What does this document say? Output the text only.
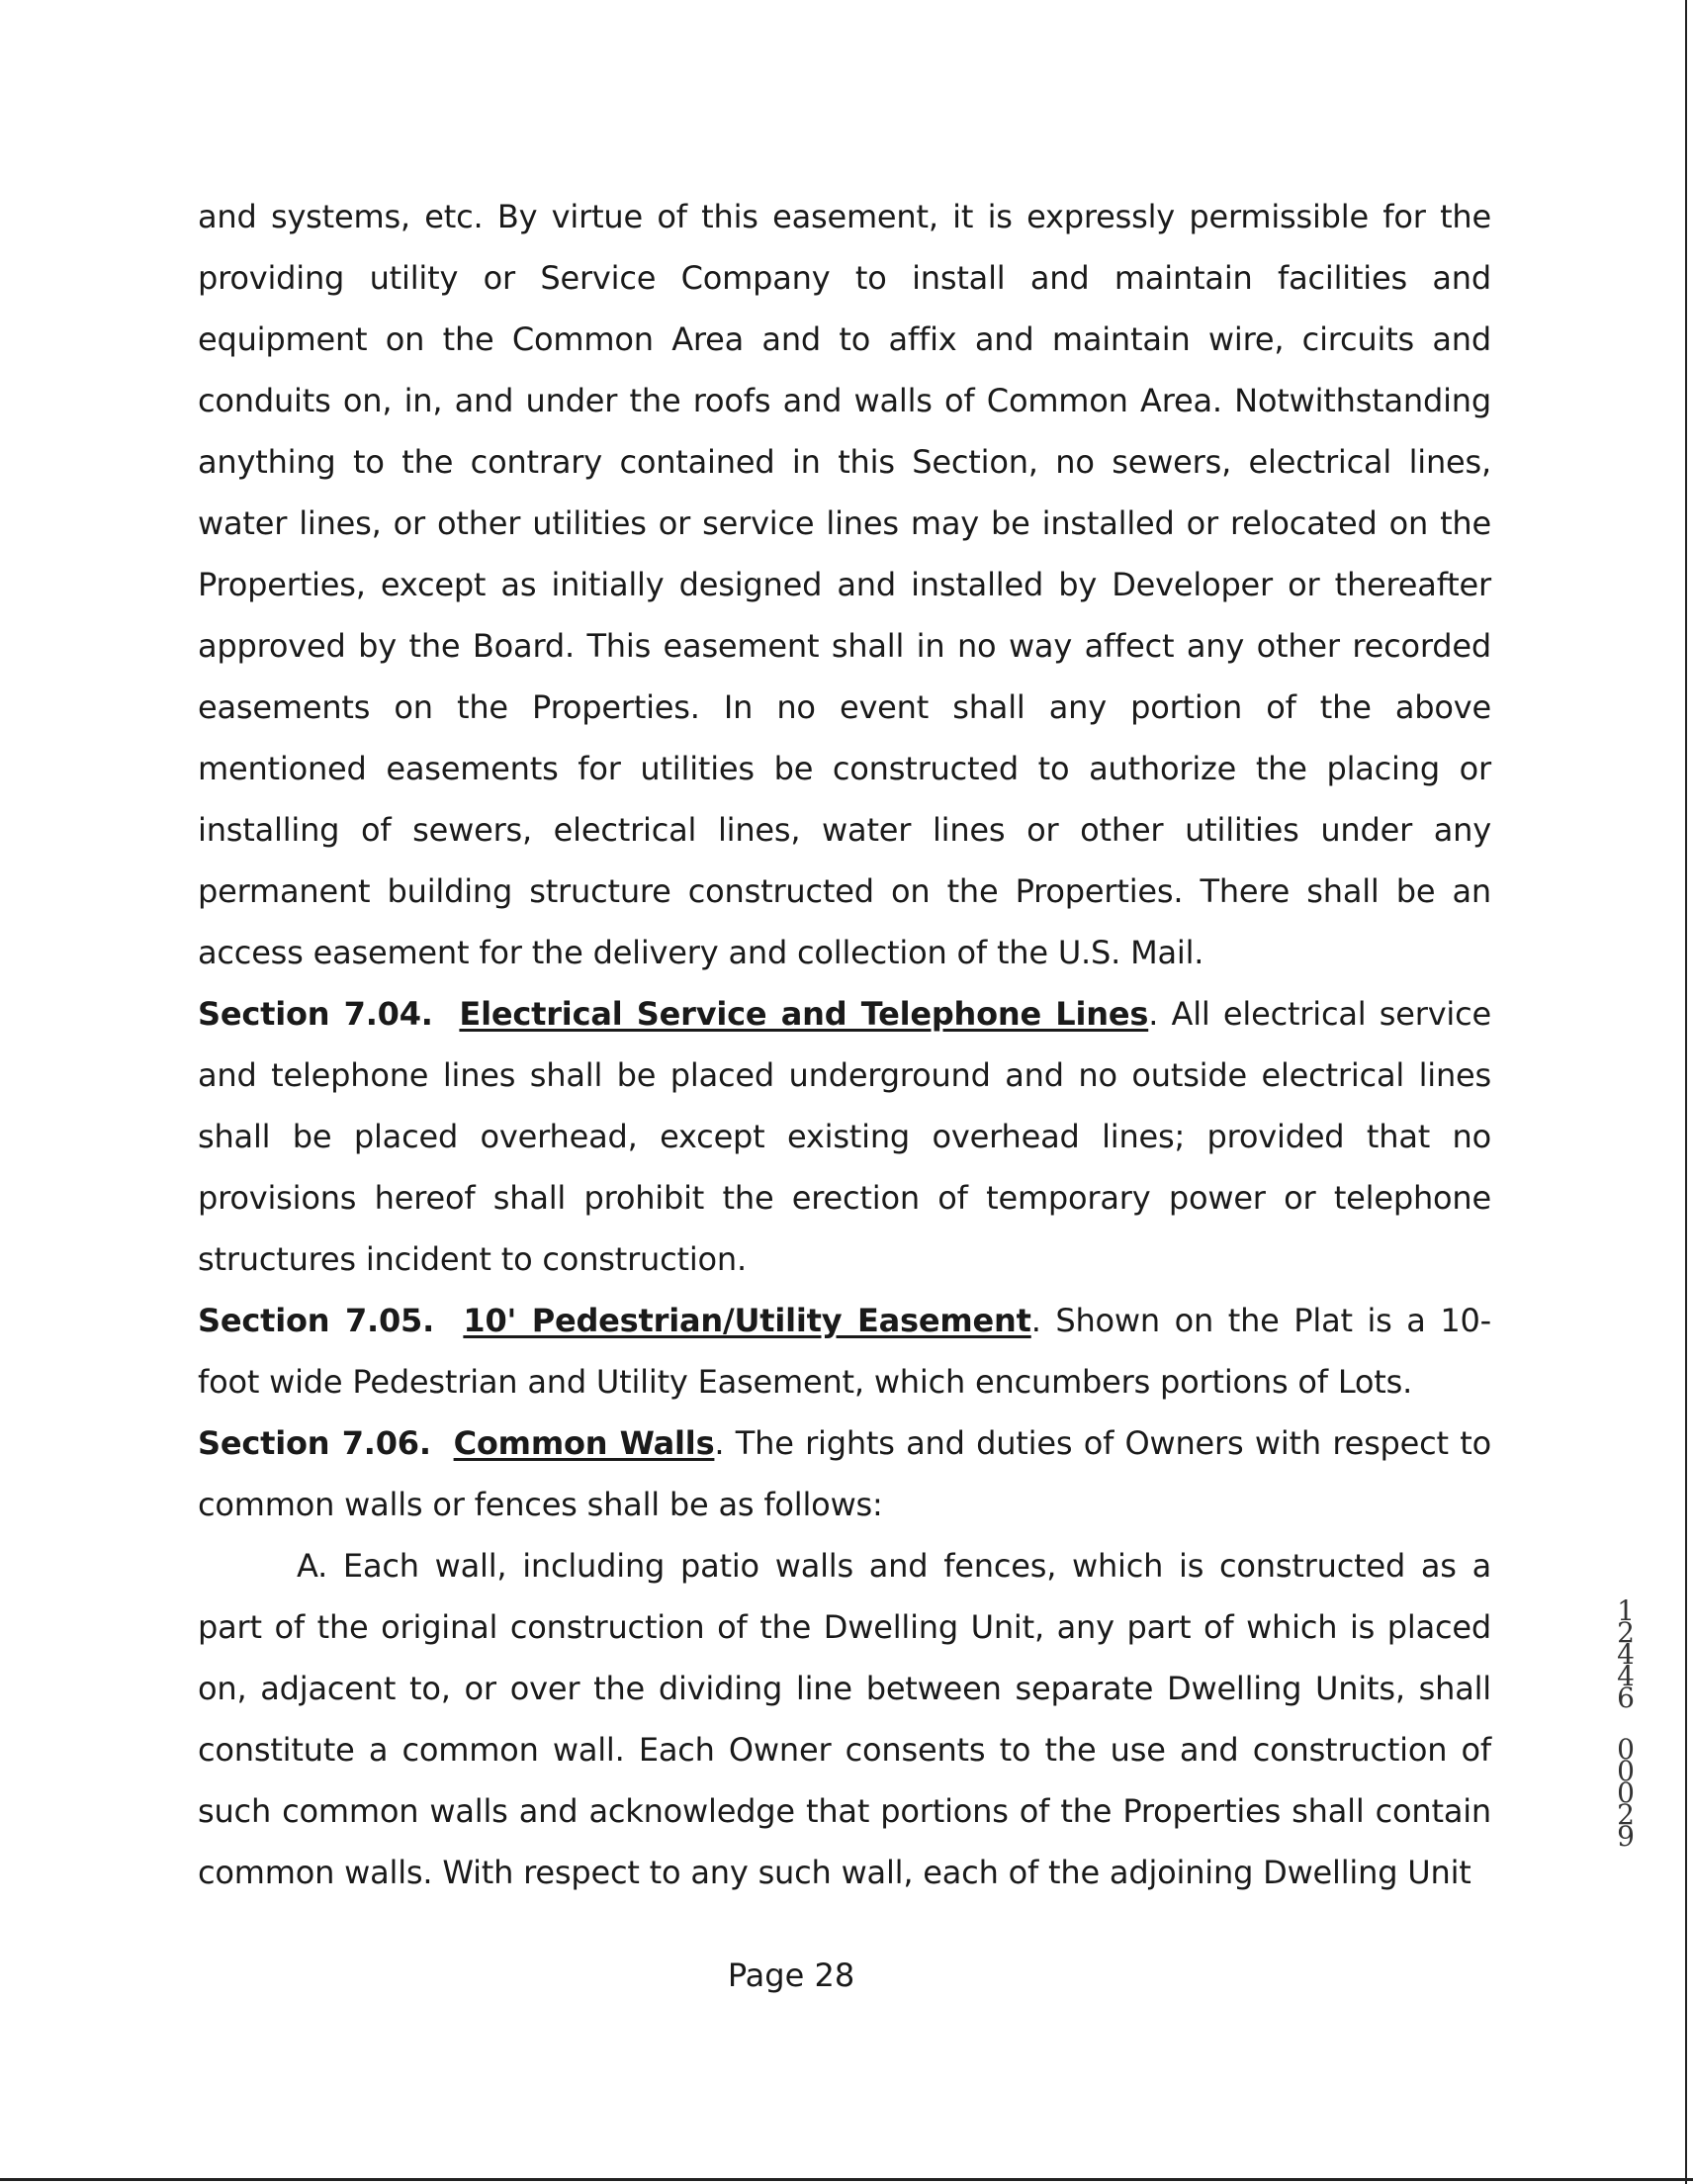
and systems, etc. By virtue of this easement, it is expressly permissible for the providing utility or Service Company to install and maintain facilities and equipment on the Common Area and to affix and maintain wire, circuits and conduits on, in, and under the roofs and walls of Common Area. Notwithstanding anything to the contrary contained in this Section, no sewers, electrical lines, water lines, or other utilities or service lines may be installed or relocated on the Properties, except as initially designed and installed by Developer or thereafter approved by the Board. This easement shall in no way affect any other recorded easements on the Properties. In no event shall any portion of the above mentioned easements for utilities be constructed to authorize the placing or installing of sewers, electrical lines, water lines or other utilities under any permanent building structure constructed on the Properties. There shall be an access easement for the delivery and collection of the U.S. Mail.

Section 7.04. Electrical Service and Telephone Lines. All electrical service and telephone lines shall be placed underground and no outside electrical lines shall be placed overhead, except existing overhead lines; provided that no provisions hereof shall prohibit the erection of temporary power or telephone structures incident to construction.

Section 7.05. 10' Pedestrian/Utility Easement. Shown on the Plat is a 10-foot wide Pedestrian and Utility Easement, which encumbers portions of Lots.

Section 7.06. Common Walls. The rights and duties of Owners with respect to common walls or fences shall be as follows:

A. Each wall, including patio walls and fences, which is constructed as a part of the original construction of the Dwelling Unit, any part of which is placed on, adjacent to, or over the dividing line between separate Dwelling Units, shall constitute a common wall. Each Owner consents to the use and construction of such common walls and acknowledge that portions of the Properties shall contain common walls. With respect to any such wall, each of the adjoining Dwelling Unit

Page 28
12446
00029
